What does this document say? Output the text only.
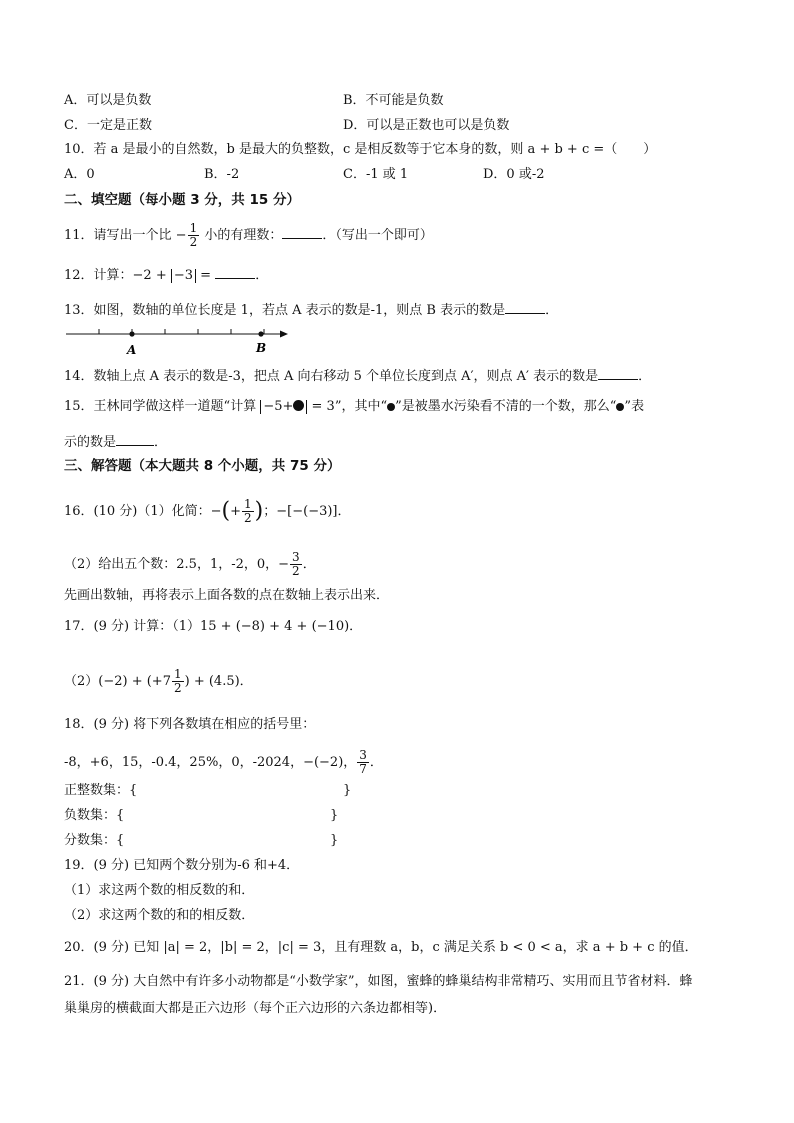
A．可以是负数	B．不可能是负数
C．一定是正数	D．可以是正数也可以是负数
10．若 a 是最小的自然数，b 是最大的负整数，c 是相反数等于它本身的数，则 a + b + c =（　　）
A．0	B．-2	C．-1 或 1	D．0 或-2
二、填空题（每小题 3 分，共 15 分）
11．请写出一个比 − $\frac{1}{2}$ 小的有理数：	．（写出一个即可）
12．计算：−2 + −3 =	．
13．如图，数轴的单位长度是 1，若点 A 表示的数是-1，则点 B 表示的数是	．
A	B
14．数轴上点 A 表示的数是-3，把点 A 向右移动 5 个单位长度到点 A′，则点 A′ 表示的数是	．
15．王林同学做这样一道题“计算 −5+ = 3”，其中“ ”是被墨水污染看不清的一个数，那么“ ”表
示的数是	．
三、解答题（本大题共 8 个小题，共 75 分）
16．(10 分)（1）化简：−(+ $\frac{1}{2}$ )；−[−(−3)]．
（2）给出五个数：2.5，1，-2，0，− $\frac{3}{2}$ ．
先画出数轴，再将表示上面各数的点在数轴上表示出来．
17．(9 分) 计算：（1）15 + (−8) + 4 + (−10)．
$(2)(-2) + (+7 \frac{1}{2}$ ) + (4.5)．
18．(9 分) 将下列各数填在相应的括号里：
-8，+6，15，-0.4，25%，0，-2024，−(−2)， $\frac{3}{7}$ ．
正整数集：{	}
负数集：{	}
分数集：{	}
19．(9 分) 已知两个数分别为-6 和+4．
（1）求这两个数的相反数的和．
（2）求这两个数的和的相反数．
20．(9 分) 已知 |a| = 2，|b| = 2，|c| = 3，且有理数 a，b，c 满足关系 b < 0 < a，求 a + b + c 的值．
21．(9 分) 大自然中有许多小动物都是“小数学家”，如图，蜜蜂的蜂巢结构非常精巧、实用而且节省材料．蜂
巢巢房的横截面大都是正六边形（每个正六边形的六条边都相等)．
